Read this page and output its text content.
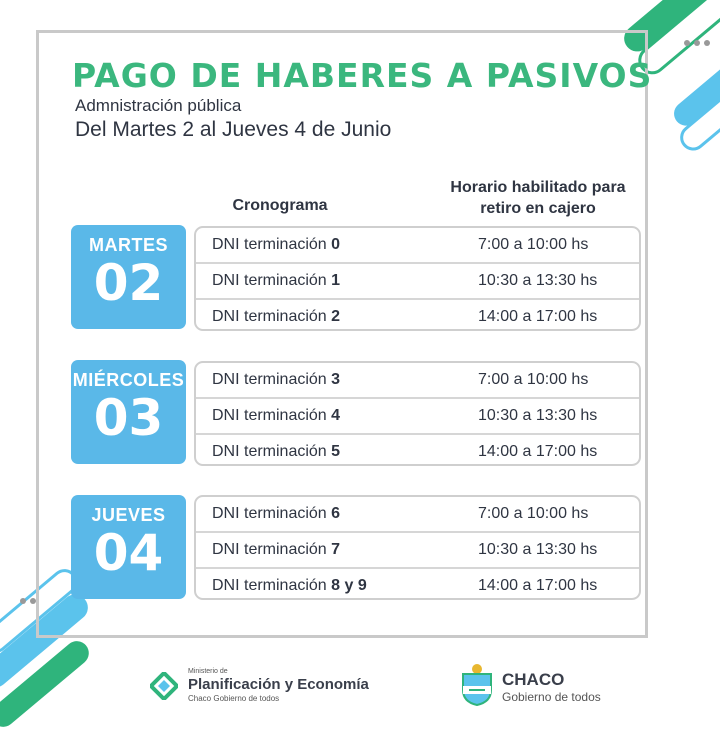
PAGO DE HABERES A PASIVOS
Admnistración pública
Del Martes 2 al Jueves 4 de Junio
Cronograma
Horario habilitado para
retiro en cajero
MARTES
02
DNI terminación 0	7:00 a 10:00 hs
DNI terminación 1	10:30 a 13:30 hs
DNI terminación 2	14:00 a 17:00 hs
MIÉRCOLES
03
DNI terminación 3	7:00 a 10:00 hs
DNI terminación 4	10:30 a 13:30 hs
DNI terminación 5	14:00 a 17:00 hs
JUEVES
04
DNI terminación 6	7:00 a 10:00 hs
DNI terminación 7	10:30 a 13:30 hs
DNI terminación 8 y 9	14:00 a 17:00 hs
Ministerio de
Planificación y Economía
Chaco Gobierno de todos
CHACO
Gobierno de todos
